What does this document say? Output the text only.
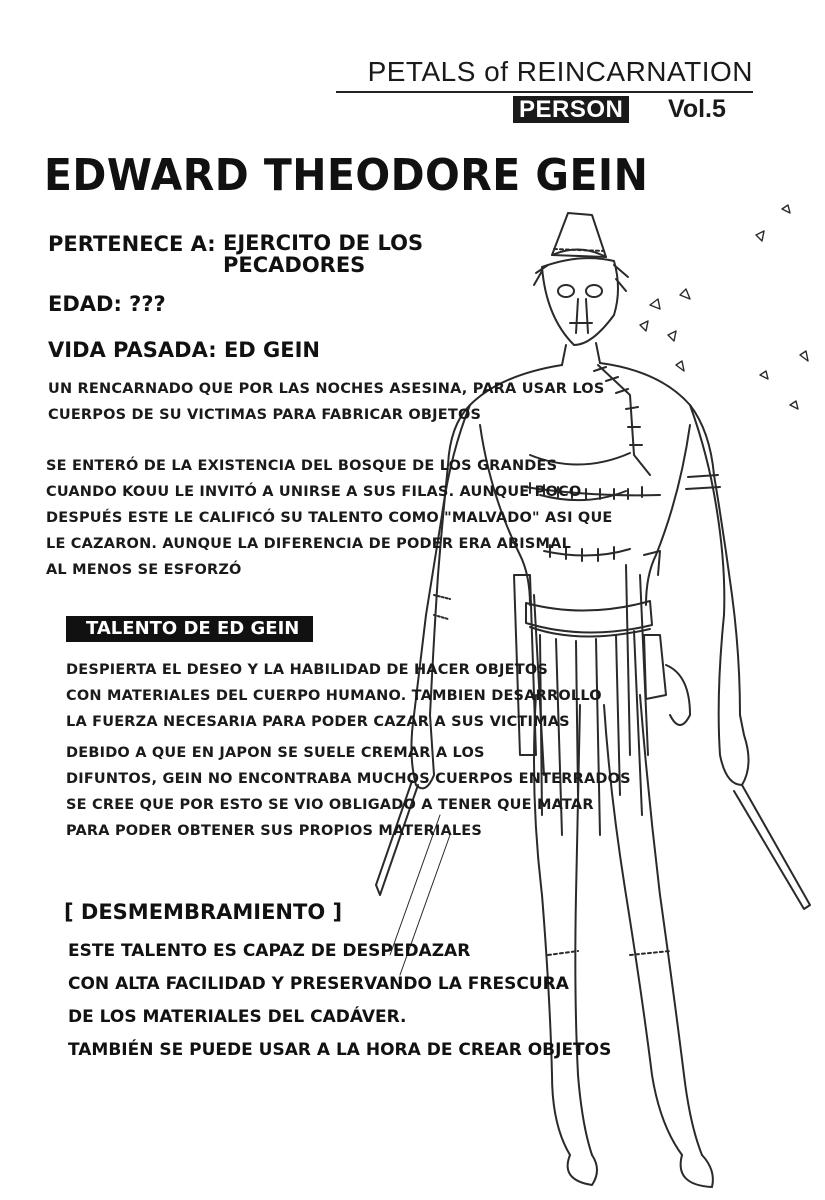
PETALS of REINCARNATION
PERSON Vol.5
EDWARD THEODORE GEIN
PERTENECE A: EJERCITO DE LOS
PECADORES
EDAD: ???
VIDA PASADA: ED GEIN
UN RENCARNADO QUE POR LAS NOCHES ASESINA, PARA USAR LOS
CUERPOS DE SU VICTIMAS PARA FABRICAR OBJETOS
SE ENTERÓ DE LA EXISTENCIA DEL BOSQUE DE LOS GRANDES
CUANDO KOUU LE INVITÓ A UNIRSE A SUS FILAS. AUNQUE POCO
DESPUÉS ESTE LE CALIFICÓ SU TALENTO COMO "MALVADO" ASI QUE
LE CAZARON. AUNQUE LA DIFERENCIA DE PODER ERA ABISMAL
AL MENOS SE ESFORZÓ
TALENTO DE ED GEIN
DESPIERTA EL DESEO Y LA HABILIDAD DE HACER OBJETOS
CON MATERIALES DEL CUERPO HUMANO. TAMBIEN DESARROLLO
LA FUERZA NECESARIA PARA PODER CAZAR A SUS VICTIMAS
DEBIDO A QUE EN JAPON SE SUELE CREMAR A LOS
DIFUNTOS, GEIN NO ENCONTRABA MUCHOS CUERPOS ENTERRADOS
SE CREE QUE POR ESTO SE VIO OBLIGADO A TENER QUE MATAR
PARA PODER OBTENER SUS PROPIOS MATERIALES
[ DESMEMBRAMIENTO ]
ESTE TALENTO ES CAPAZ DE DESPEDAZAR
CON ALTA FACILIDAD Y PRESERVANDO LA FRESCURA
DE LOS MATERIALES DEL CADÁVER.
TAMBIÉN SE PUEDE USAR A LA HORA DE CREAR OBJETOS
